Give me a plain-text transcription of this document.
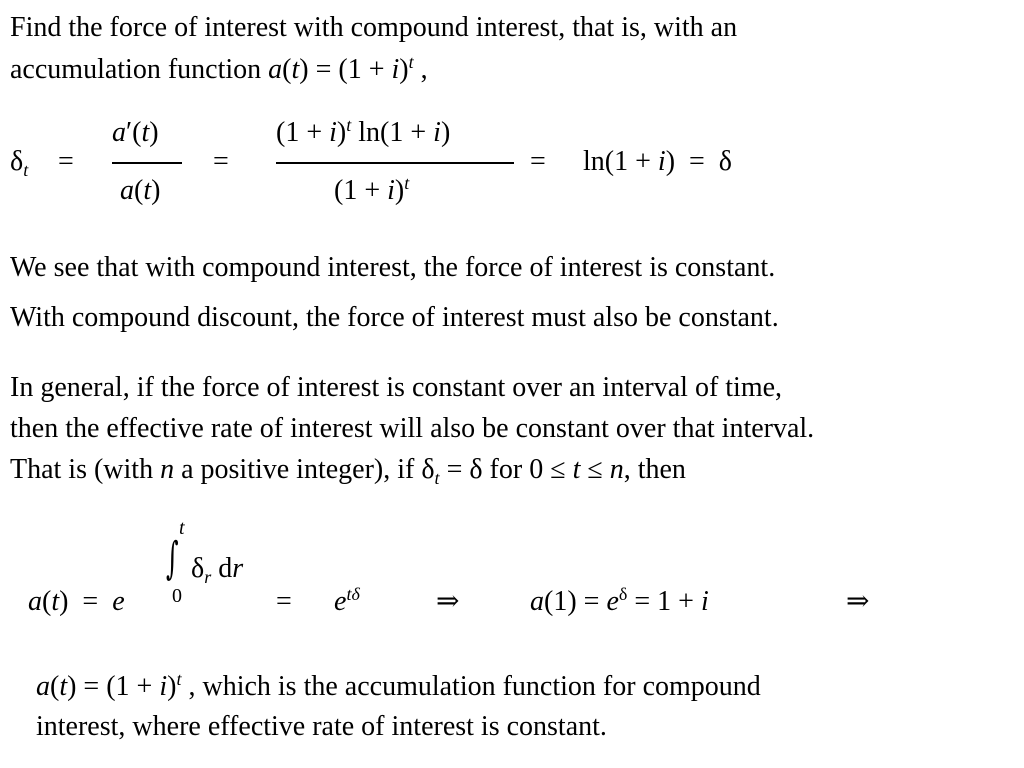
Find the force of interest with compound interest, that is, with an
accumulation function $a(t) = (1 + i)^t$ ,
$\delta_t$ =
a′(t)
a(t)
=
$(1 + i)^t$ ln(1 + i)
$(1 + i)^t$
= ln(1 + i)  =  δ
We see that with compound interest, the force of interest is constant.
With compound discount, the force of interest must also be constant.
In general, if the force of interest is constant over an interval of time,
then the effective rate of interest will also be constant over that interval.
That is (with n a positive integer), if $\delta_t = \delta$ for 0 ≤ t ≤ n, then
a(t)  =  e
t
∫
0
$\delta_r$ dr
= $e^{t\delta}$	⇒	$a(1) = e^\delta = 1 + i$	⇒
$a(t) = (1 + i)^t$ , which is the accumulation function for compound
interest, where effective rate of interest is constant.
